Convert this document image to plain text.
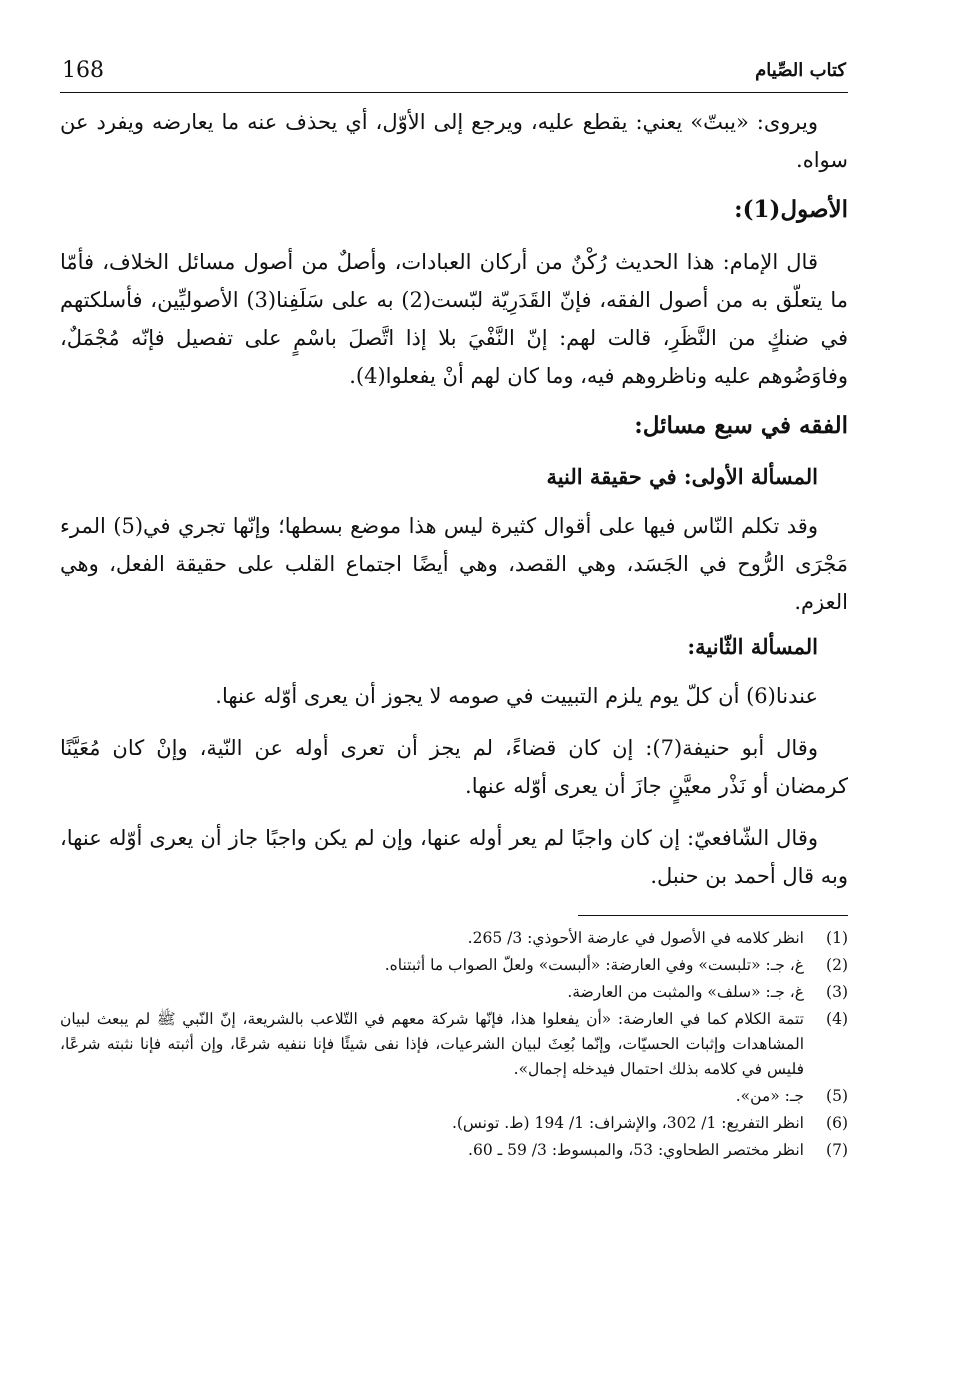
168	كتاب الصِّيام

ويروى: «يبتّ» يعني: يقطع عليه، ويرجع إلى الأوّل، أي يحذف عنه ما يعارضه ويفرد عن سواه.

الأصول(1):

قال الإمام: هذا الحديث رُكْنٌ من أركان العبادات، وأصلٌ من أصول مسائل الخلاف، فأمّا ما يتعلّق به من أصول الفقه، فإنّ القَدَرِيّة لبّست(2) به على سَلَفِنا(3) الأصوليِّين، فأسلكتهم في ضنكٍ من النَّظَرِ، قالت لهم: إنّ النَّفْيَ بلا إذا اتَّصلَ باسْمٍ على تفصيل فإنّه مُجْمَلٌ، وفاوَضُوهم عليه وناظروهم فيه، وما كان لهم أنْ يفعلوا(4).

الفقه في سبع مسائل:
المسألة الأولى: في حقيقة النية

وقد تكلم النّاس فيها على أقوال كثيرة ليس هذا موضع بسطها؛ وإنّها تجري في(5) المرء مَجْرَى الرُّوح في الجَسَد، وهي القصد، وهي أيضًا اجتماع القلب على حقيقة الفعل، وهي العزم.

المسألة الثّانية:

عندنا(6) أن كلّ يوم يلزم التبييت في صومه لا يجوز أن يعرى أوّله عنها.

وقال أبو حنيفة(7): إن كان قضاءً، لم يجز أن تعرى أوله عن النّية، وإنْ كان مُعَيَّنًا كرمضان أو نَذْر معيَّنٍ جازَ أن يعرى أوّله عنها.

وقال الشّافعيّ: إن كان واجبًا لم يعر أوله عنها، وإن لم يكن واجبًا جاز أن يعرى أوّله عنها، وبه قال أحمد بن حنبل.

(1)
انظر كلامه في الأصول في عارضة الأحوذي: 3/ 265.
(2)
غ، جـ: «تلبست» وفي العارضة: «ألبست» ولعلّ الصواب ما أثبتناه.
(3)
غ، جـ: «سلف» والمثبت من العارضة.
(4)
تتمة الكلام كما في العارضة: «أن يفعلوا هذا، فإنّها شركة معهم في التّلاعب بالشريعة، إنّ النّبي ﷺ لم يبعث لبيان المشاهدات وإثبات الحسيّات، وإنّما بُعِثَ لبيان الشرعيات، فإذا نفى شيئًا فإنا ننفيه شرعًا، وإن أثبته فإنا نثبته شرعًا، فليس في كلامه بذلك احتمال فيدخله إجمال».
(5)
جـ: «من».
(6)
انظر التفريع: 1/ 302، والإشراف: 1/ 194 (ط. تونس).
(7)
انظر مختصر الطحاوي: 53، والمبسوط: 3/ 59 ـ 60.
